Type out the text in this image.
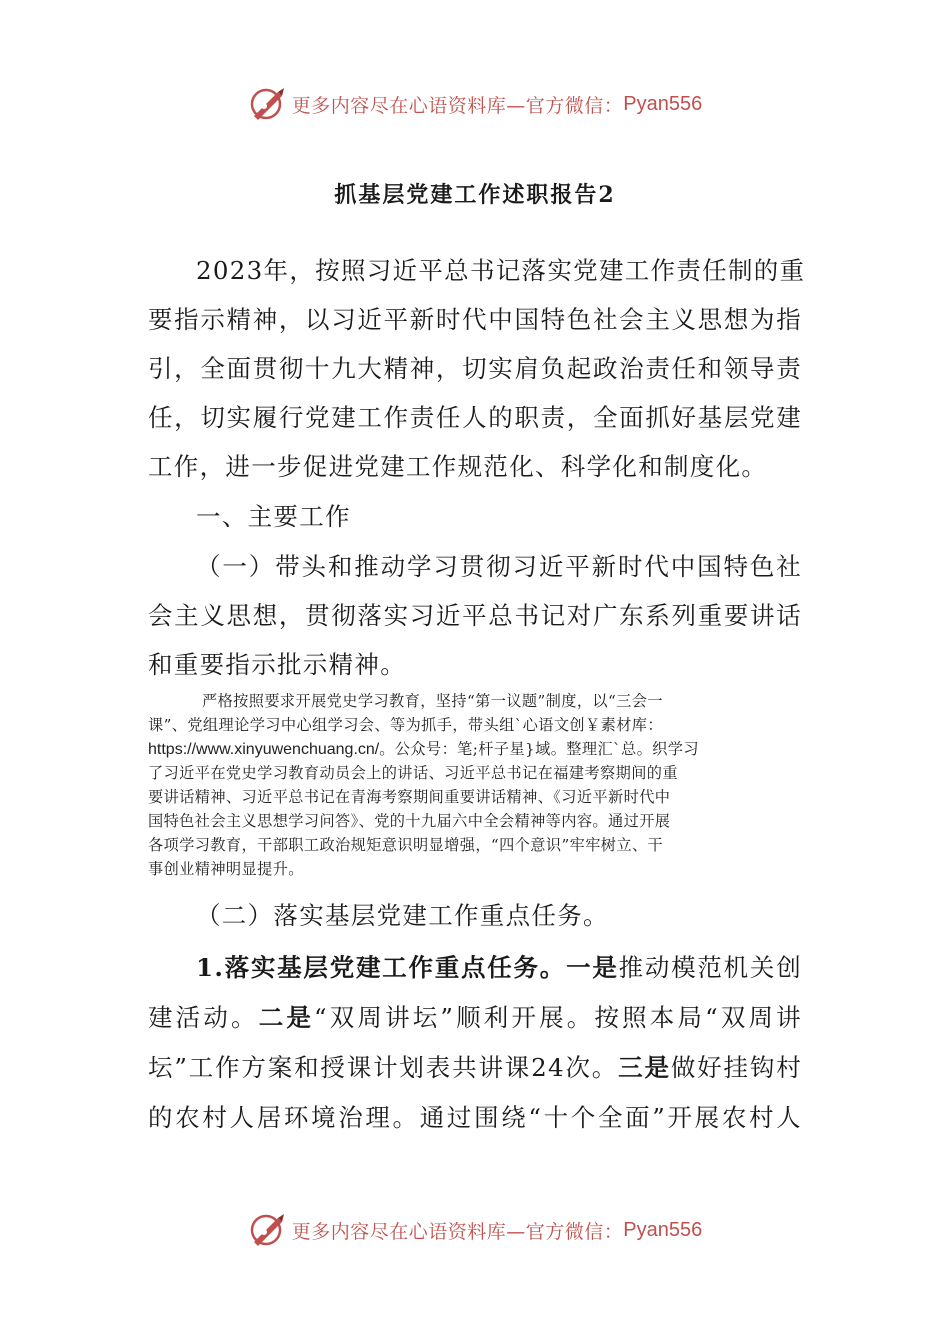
更多内容尽在心语资料库—官方微信： Pyan556
抓基层党建工作述职报告2
2023年，按照习近平总书记落实党建工作责任制的重
要指示精神，以习近平新时代中国特色社会主义思想为指
引，全面贯彻十九大精神，切实肩负起政治责任和领导责
任，切实履行党建工作责任人的职责，全面抓好基层党建
工作，进一步促进党建工作规范化、科学化和制度化。
一、主要工作
（一）带头和推动学习贯彻习近平新时代中国特色社
会主义思想，贯彻落实习近平总书记对广东系列重要讲话
和重要指示批示精神。
严格按照要求开展党史学习教育，坚持“第一议题”制度，以“三会一
课”、党组理论学习中心组学习会、等为抓手，带头组`心语文创￥素材库：
https://www.xinyuwenchuang.cn/。公众号：笔;杆子星}域。整理汇`总。织学习
了习近平在党史学习教育动员会上的讲话、习近平总书记在福建考察期间的重
要讲话精神、习近平总书记在青海考察期间重要讲话精神、《习近平新时代中
国特色社会主义思想学习问答》、党的十九届六中全会精神等内容。通过开展
各项学习教育，干部职工政治规矩意识明显增强，“四个意识”牢牢树立、干
事创业精神明显提升。
（二）落实基层党建工作重点任务。
1.落实基层党建工作重点任务。一是推动模范机关创
建活动。二是“双周讲坛”顺利开展。按照本局“双周讲
坛”工作方案和授课计划表共讲课24次。三是做好挂钩村
的农村人居环境治理。通过围绕“十个全面”开展农村人
更多内容尽在心语资料库—官方微信： Pyan556
